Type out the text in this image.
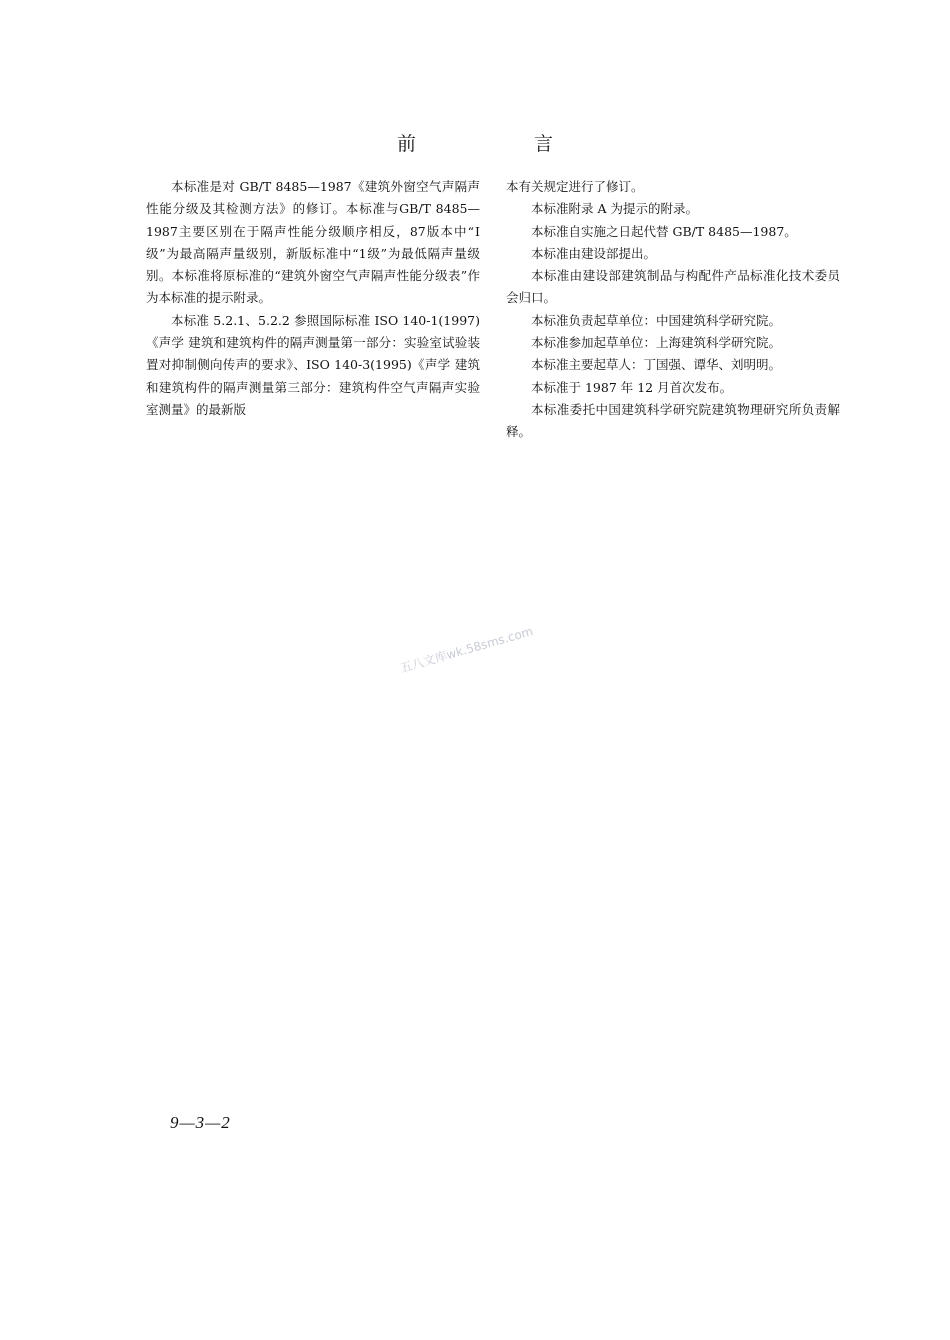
前 言

本标准是对 GB/T 8485—1987《建筑外窗空气声隔声性能分级及其检测方法》的修订。本标准与GB/T 8485—1987主要区别在于隔声性能分级顺序相反，87版本中“Ⅰ级”为最高隔声量级别，新版标准中“1级”为最低隔声量级别。本标准将原标准的“建筑外窗空气声隔声性能分级表”作为本标准的提示附录。

本标准 5.2.1、5.2.2 参照国际标准 ISO 140-1(1997)《声学 建筑和建筑构件的隔声测量第一部分：实验室试验装置对抑制侧向传声的要求》、ISO 140-3(1995)《声学 建筑和建筑构件的隔声测量第三部分：建筑构件空气声隔声实验室测量》的最新版

本有关规定进行了修订。

本标准附录 A 为提示的附录。

本标准自实施之日起代替 GB/T 8485—1987。

本标准由建设部提出。

本标准由建设部建筑制品与构配件产品标准化技术委员会归口。

本标准负责起草单位：中国建筑科学研究院。

本标准参加起草单位：上海建筑科学研究院。

本标准主要起草人：丁国强、谭华、刘明明。

本标准于 1987 年 12 月首次发布。

本标准委托中国建筑科学研究院建筑物理研究所负责解释。

五八文库wk.58sms.com
9—3—2
